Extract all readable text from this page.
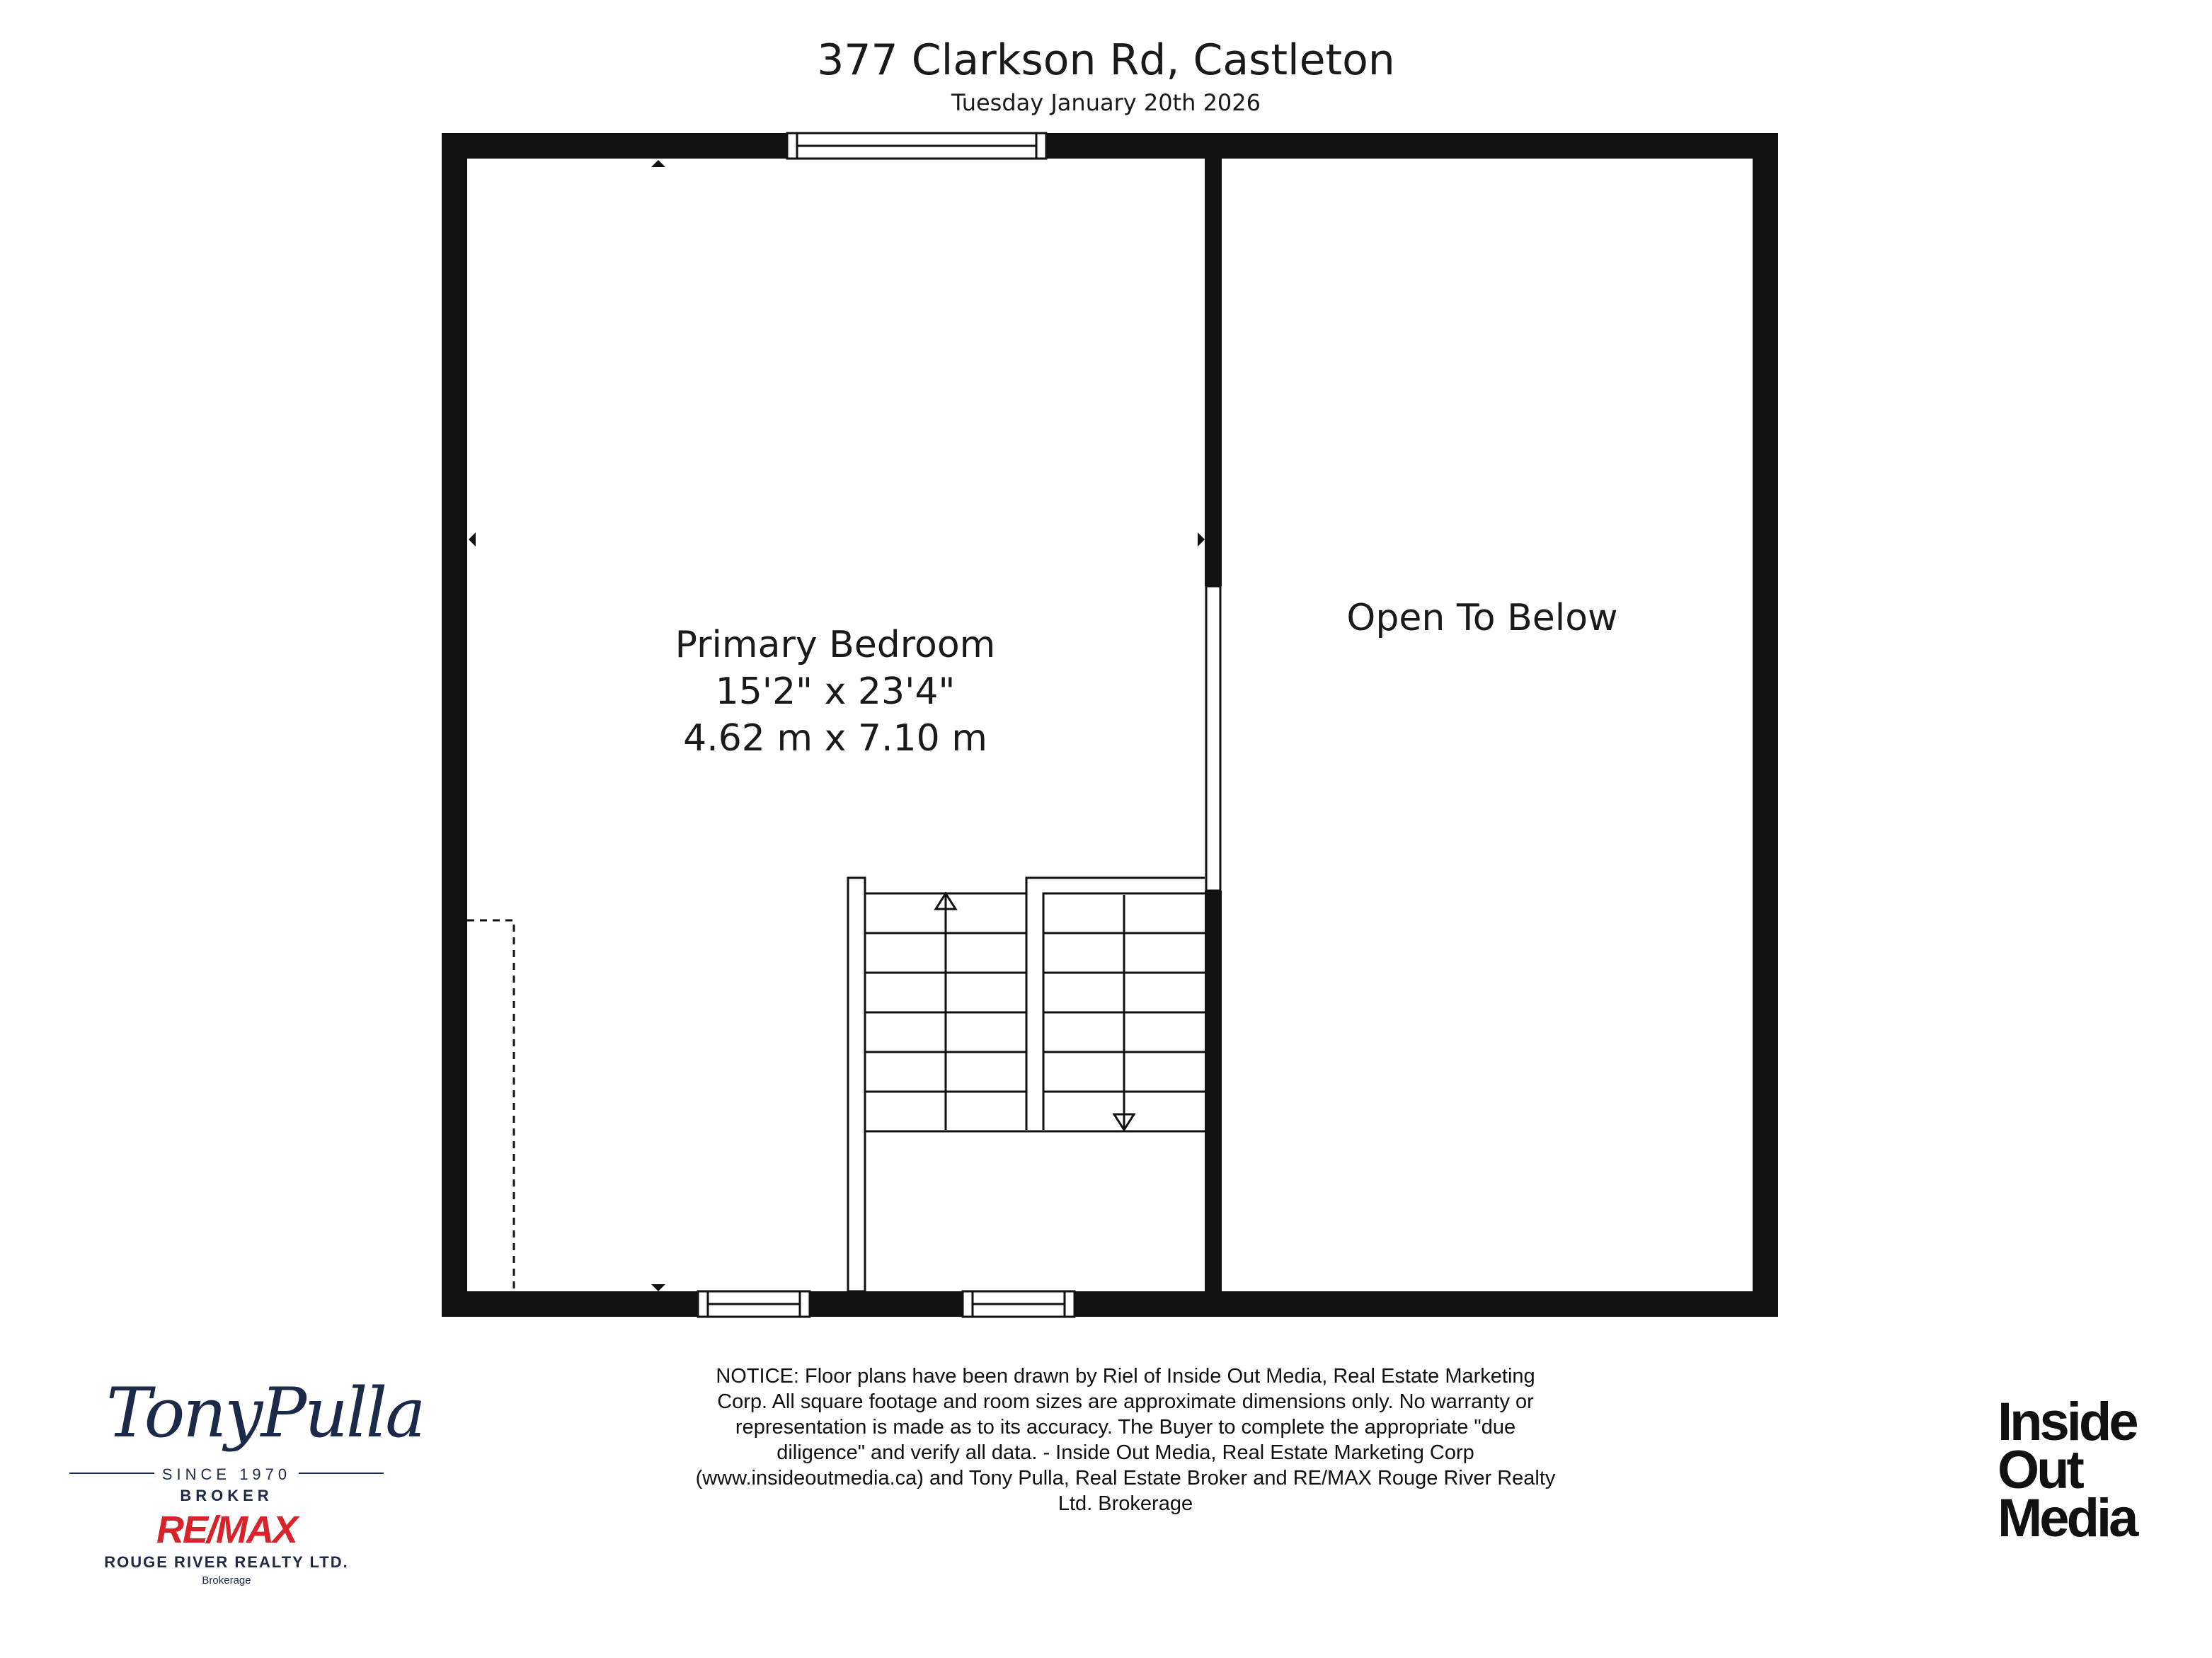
377 Clarkson Rd, Castleton
Tuesday January 20th 2026
Primary Bedroom
15'2" x 23'4"
4.62 m x 7.10 m
Open To Below
NOTICE: Floor plans have been drawn by Riel of Inside Out Media, Real Estate Marketing Corp. All square footage and room sizes are approximate dimensions only. No warranty or representation is made as to its accuracy. The Buyer to complete the appropriate "due diligence" and verify all data. - Inside Out Media, Real Estate Marketing Corp (www.insideoutmedia.ca) and Tony Pulla, Real Estate Broker and RE/MAX Rouge River Realty Ltd. Brokerage
TonyPulla
SINCE 1970
BROKER
RE/MAX
ROUGE RIVER REALTY LTD.
Brokerage
Inside
Out
Media
